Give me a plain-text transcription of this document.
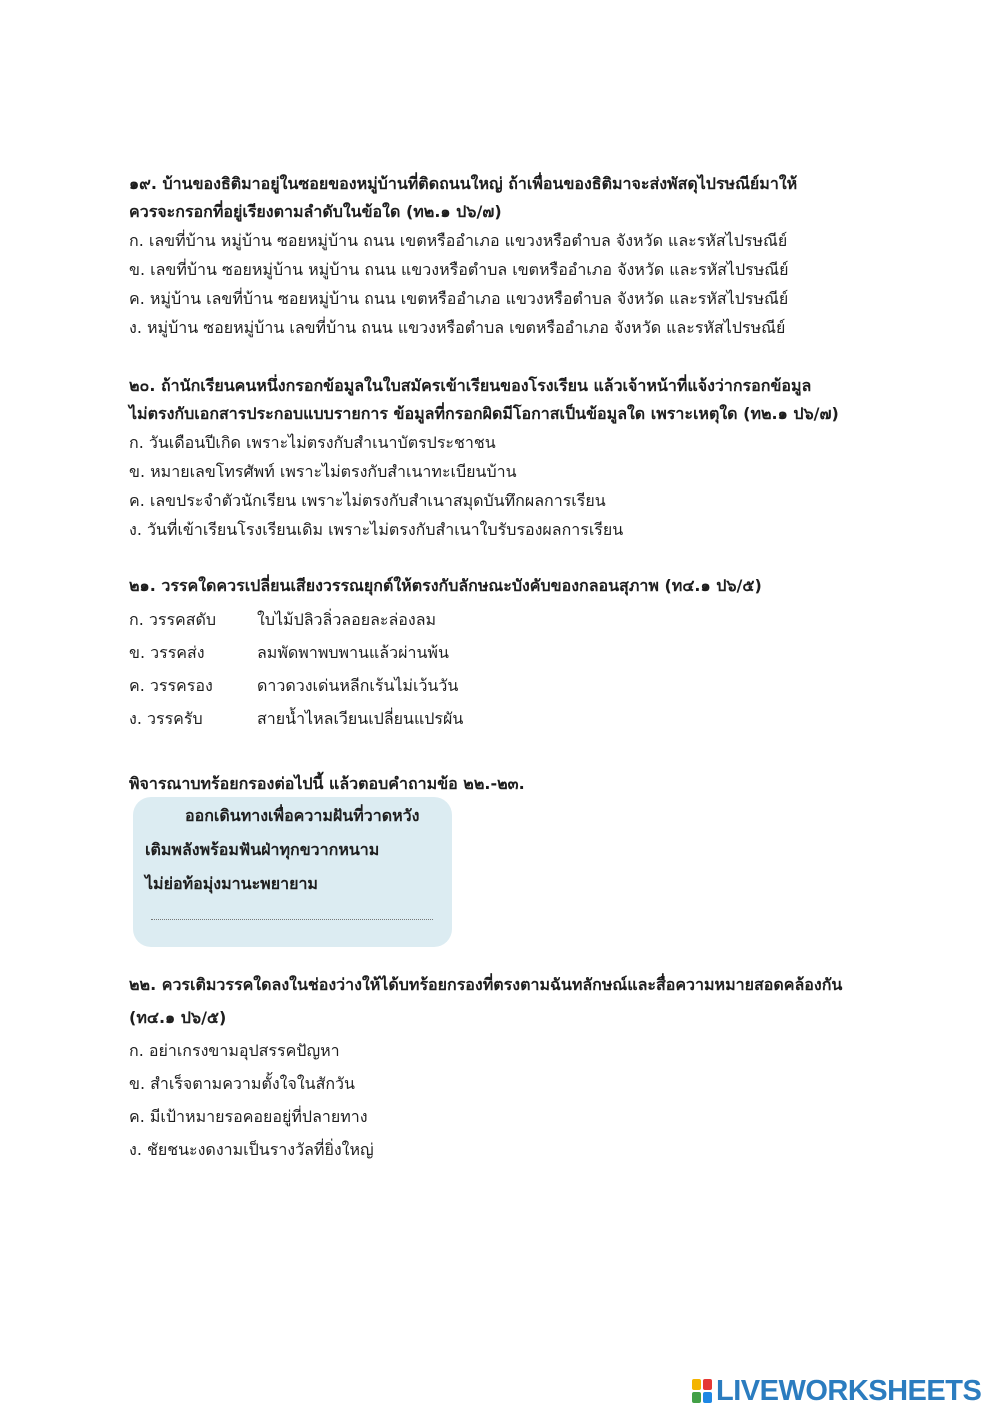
๑๙. บ้านของธิติมาอยู่ในซอยของหมู่บ้านที่ติดถนนใหญ่ ถ้าเพื่อนของธิติมาจะส่งพัสดุไปรษณีย์มาให้

ควรจะกรอกที่อยู่เรียงตามลำดับในข้อใด (ท๒.๑ ป๖/๗)

ก. เลขที่บ้าน หมู่บ้าน ซอยหมู่บ้าน ถนน เขตหรืออำเภอ แขวงหรือตำบล จังหวัด และรหัสไปรษณีย์

ข. เลขที่บ้าน ซอยหมู่บ้าน หมู่บ้าน ถนน แขวงหรือตำบล เขตหรืออำเภอ จังหวัด และรหัสไปรษณีย์

ค. หมู่บ้าน เลขที่บ้าน ซอยหมู่บ้าน ถนน เขตหรืออำเภอ แขวงหรือตำบล จังหวัด และรหัสไปรษณีย์

ง. หมู่บ้าน ซอยหมู่บ้าน เลขที่บ้าน ถนน แขวงหรือตำบล เขตหรืออำเภอ จังหวัด และรหัสไปรษณีย์

๒๐. ถ้านักเรียนคนหนึ่งกรอกข้อมูลในใบสมัครเข้าเรียนของโรงเรียน แล้วเจ้าหน้าที่แจ้งว่ากรอกข้อมูล

ไม่ตรงกับเอกสารประกอบแบบรายการ ข้อมูลที่กรอกผิดมีโอกาสเป็นข้อมูลใด เพราะเหตุใด (ท๒.๑ ป๖/๗)

ก. วันเดือนปีเกิด เพราะไม่ตรงกับสำเนาบัตรประชาชน

ข. หมายเลขโทรศัพท์ เพราะไม่ตรงกับสำเนาทะเบียนบ้าน

ค. เลขประจำตัวนักเรียน เพราะไม่ตรงกับสำเนาสมุดบันทึกผลการเรียน

ง. วันที่เข้าเรียนโรงเรียนเดิม เพราะไม่ตรงกับสำเนาใบรับรองผลการเรียน

๒๑. วรรคใดควรเปลี่ยนเสียงวรรณยุกต์ให้ตรงกับลักษณะบังคับของกลอนสุภาพ (ท๔.๑ ป๖/๕)

ก. วรรคสดับ	ใบไม้ปลิวลิ่วลอยละล่องลม
ข. วรรคส่ง	ลมพัดพาพบพานแล้วผ่านพ้น
ค. วรรครอง	ดาวดวงเด่นหลีกเร้นไม่เว้นวัน
ง. วรรครับ	สายน้ำไหลเวียนเปลี่ยนแปรผัน

พิจารณาบทร้อยกรองต่อไปนี้ แล้วตอบคำถามข้อ ๒๒.-๒๓.

ออกเดินทางเพื่อความฝันที่วาดหวัง
เติมพลังพร้อมฟันฝ่าทุกขวากหนาม
ไม่ย่อท้อมุ่งมานะพยายาม

๒๒. ควรเติมวรรคใดลงในช่องว่างให้ได้บทร้อยกรองที่ตรงตามฉันทลักษณ์และสื่อความหมายสอดคล้องกัน

(ท๔.๑ ป๖/๕)

ก. อย่าเกรงขามอุปสรรคปัญหา

ข. สำเร็จตามความตั้งใจในสักวัน

ค. มีเป้าหมายรอคอยอยู่ที่ปลายทาง

ง. ชัยชนะงดงามเป็นรางวัลที่ยิ่งใหญ่

LIVEWORKSHEETS
